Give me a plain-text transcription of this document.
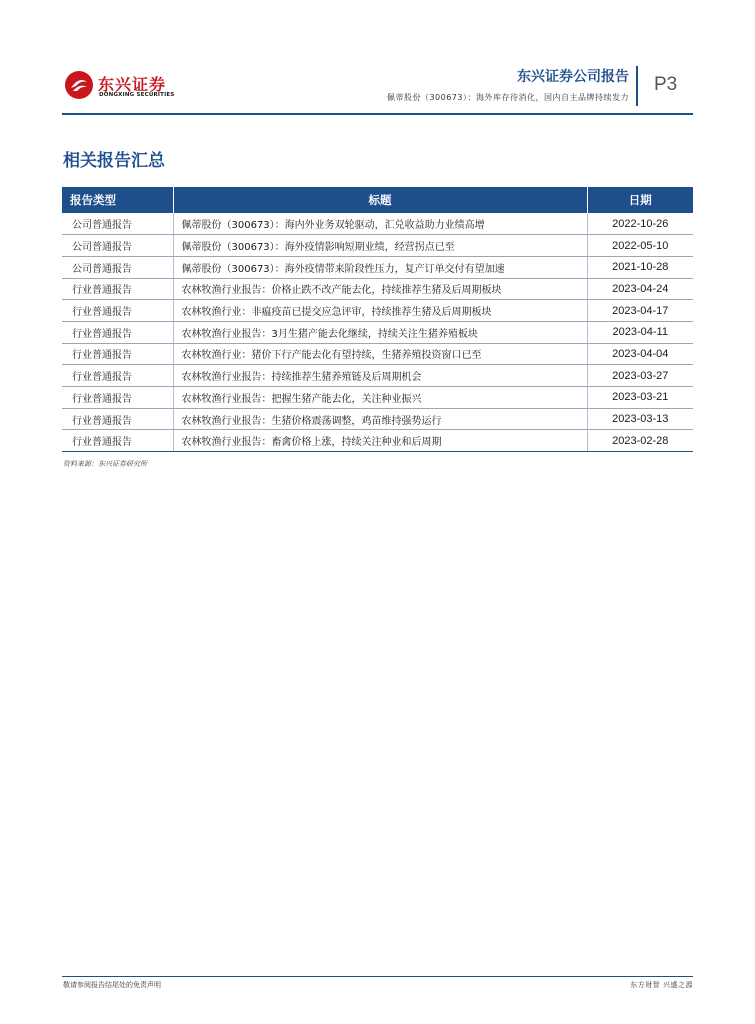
东兴证券
DONGXING SECURITIES
东兴证券公司报告
佩蒂股份（300673）：海外库存待消化，国内自主品牌持续发力
P3
相关报告汇总
报告类型	标题	日期
公司普通报告	佩蒂股份（300673）：海内外业务双轮驱动，汇兑收益助力业绩高增	2022-10-26
公司普通报告	佩蒂股份（300673）：海外疫情影响短期业绩，经营拐点已至	2022-05-10
公司普通报告	佩蒂股份（300673）：海外疫情带来阶段性压力，复产订单交付有望加速	2021-10-28
行业普通报告	农林牧渔行业报告：价格止跌不改产能去化，持续推荐生猪及后周期板块	2023-04-24
行业普通报告	农林牧渔行业：非瘟疫苗已提交应急评审，持续推荐生猪及后周期板块	2023-04-17
行业普通报告	农林牧渔行业报告：3月生猪产能去化继续，持续关注生猪养殖板块	2023-04-11
行业普通报告	农林牧渔行业：猪价下行产能去化有望持续，生猪养殖投资窗口已至	2023-04-04
行业普通报告	农林牧渔行业报告：持续推荐生猪养殖链及后周期机会	2023-03-27
行业普通报告	农林牧渔行业报告：把握生猪产能去化，关注种业振兴	2023-03-21
行业普通报告	农林牧渔行业报告：生猪价格震荡调整，鸡苗维持强势运行	2023-03-13
行业普通报告	农林牧渔行业报告：畜禽价格上涨，持续关注种业和后周期	2023-02-28
资料来源：东兴证券研究所
敬请参阅报告结尾处的免责声明	东方财智 兴盛之源
